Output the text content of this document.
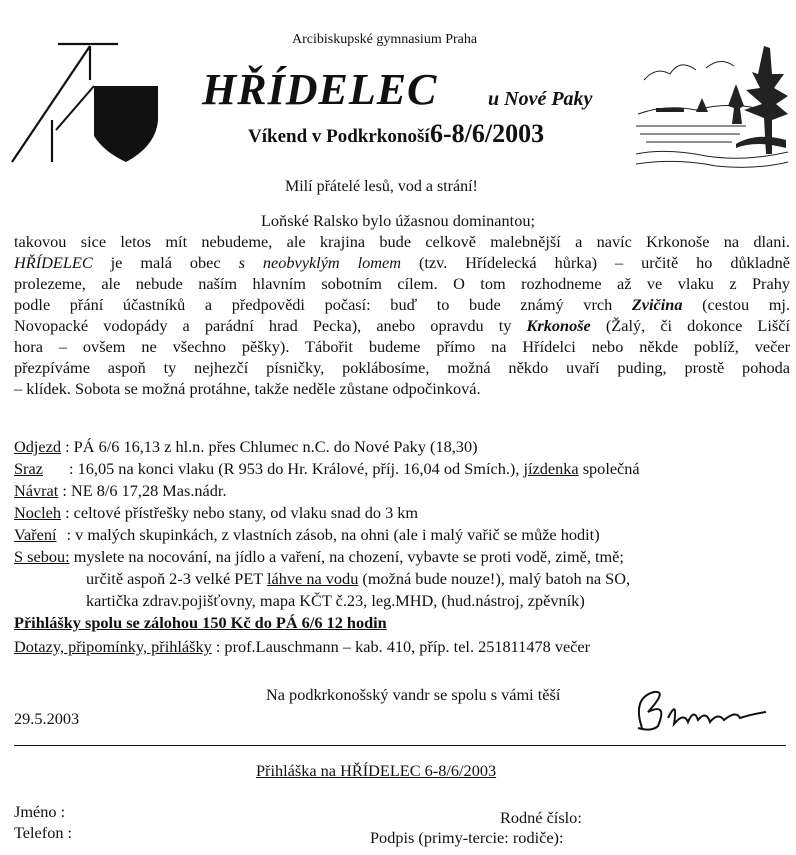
Arcibiskupské gymnasium Praha
HŘÍDELEC	u Nové Paky
Víkend v Podkrkonoší 6-8/6/2003
Milí přátelé lesů, vod a strání!
Loňské Ralsko bylo úžasnou dominantou;
takovou sice letos mít nebudeme, ale krajina bude celkově malebnější a navíc Krkonoše na dlani.
HŘÍDELEC je malá obec s neobvyklým lomem (tzv. Hřídelecká hůrka) – určitě ho důkladně
prolezeme, ale nebude naším hlavním sobotním cílem. O tom rozhodneme až ve vlaku z Prahy
podle přání účastníků a předpovědi počasí: buď to bude známý vrch Zvičina (cestou mj.
Novopacké vodopády a parádní hrad Pecka), anebo opravdu ty Krkonoše (Žalý, či dokonce Liščí
hora – ovšem ne všechno pěšky). Tábořit budeme přímo na Hřídelci nebo někde poblíž, večer
přezpíváme aspoň ty nejhezčí písničky, poklábosíme, možná někdo uvaří puding, prostě pohoda
– klídek. Sobota se možná protáhne, takže neděle zůstane odpočinková.
Odjezd : PÁ 6/6 16,13 z hl.n. přes Chlumec n.C. do Nové Paky (18,30)
Sraz : 16,05 na konci vlaku (R 953 do Hr. Králové, příj. 16,04 od Smích.), jízdenka společná
Návrat : NE 8/6 17,28 Mas.nádr.
Nocleh : celtové přístřešky nebo stany, od vlaku snad do 3 km
Vaření : v malých skupinkách, z vlastních zásob, na ohni (ale i malý vařič se může hodit)
S sebou: myslete na nocování, na jídlo a vaření, na chození, vybavte se proti vodě, zimě, tmě;
určitě aspoň 2-3 velké PET láhve na vodu (možná bude nouze!), malý batoh na SO,
kartička zdrav.pojišťovny, mapa KČT č.23, leg.MHD, (hud.nástroj, zpěvník)
Přihlášky spolu se zálohou 150 Kč do PÁ 6/6 12 hodin
Dotazy, připomínky, přihlášky : prof.Lauschmann – kab. 410, příp. tel. 251811478 večer
Na podkrkonošský vandr se spolu s vámi těší
29.5.2003
Přihláška na HŘÍDELEC 6-8/6/2003
Jméno :
Telefon :
Rodné číslo:
Podpis (primy-tercie: rodiče):
